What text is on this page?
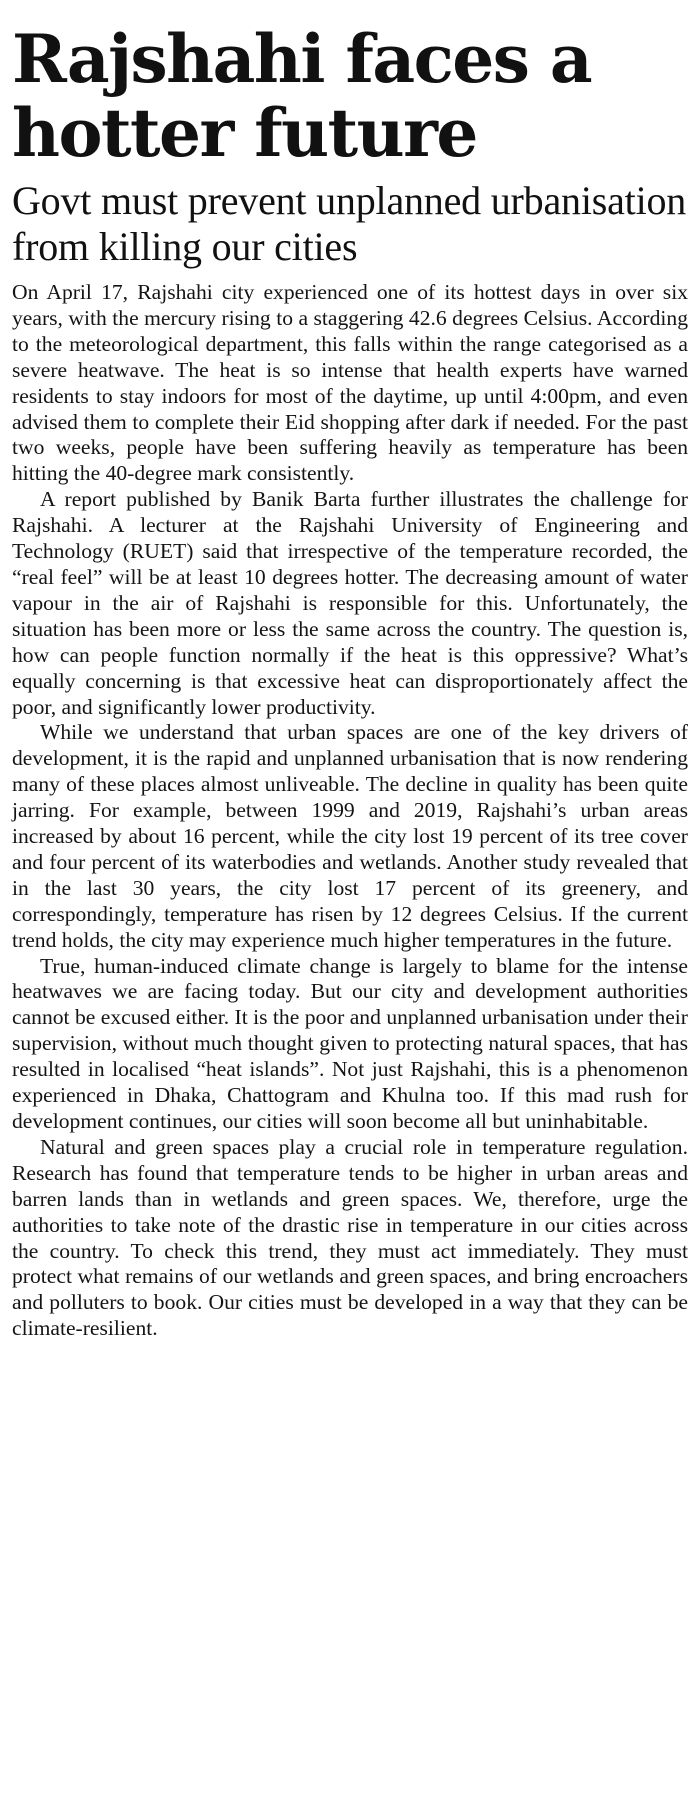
Rajshahi faces a hotter future
Govt must prevent unplanned urbanisation from killing our cities

On April 17, Rajshahi city experienced one of its hottest days in over six years, with the mercury rising to a staggering 42.6 degrees Celsius. According to the meteorological department, this falls within the range categorised as a severe heatwave. The heat is so intense that health experts have warned residents to stay indoors for most of the daytime, up until 4:00pm, and even advised them to complete their Eid shopping after dark if needed. For the past two weeks, people have been suffering heavily as temperature has been hitting the 40-degree mark consistently.

A report published by Banik Barta further illustrates the challenge for Rajshahi. A lecturer at the Rajshahi University of Engineering and Technology (RUET) said that irrespective of the temperature recorded, the “real feel” will be at least 10 degrees hotter. The decreasing amount of water vapour in the air of Rajshahi is responsible for this. Unfortunately, the situation has been more or less the same across the country. The question is, how can people function normally if the heat is this oppressive? What’s equally concerning is that excessive heat can disproportionately affect the poor, and significantly lower productivity.

While we understand that urban spaces are one of the key drivers of development, it is the rapid and unplanned urbanisation that is now rendering many of these places almost unliveable. The decline in quality has been quite jarring. For example, between 1999 and 2019, Rajshahi’s urban areas increased by about 16 percent, while the city lost 19 percent of its tree cover and four percent of its waterbodies and wetlands. Another study revealed that in the last 30 years, the city lost 17 percent of its greenery, and correspondingly, temperature has risen by 12 degrees Celsius. If the current trend holds, the city may experience much higher temperatures in the future.

True, human-induced climate change is largely to blame for the intense heatwaves we are facing today. But our city and development authorities cannot be excused either. It is the poor and unplanned urbanisation under their supervision, without much thought given to protecting natural spaces, that has resulted in localised “heat islands”. Not just Rajshahi, this is a phenomenon experienced in Dhaka, Chattogram and Khulna too. If this mad rush for development continues, our cities will soon become all but uninhabitable.

Natural and green spaces play a crucial role in temperature regulation. Research has found that temperature tends to be higher in urban areas and barren lands than in wetlands and green spaces. We, therefore, urge the authorities to take note of the drastic rise in temperature in our cities across the country. To check this trend, they must act immediately. They must protect what remains of our wetlands and green spaces, and bring encroachers and polluters to book. Our cities must be developed in a way that they can be climate-resilient.
